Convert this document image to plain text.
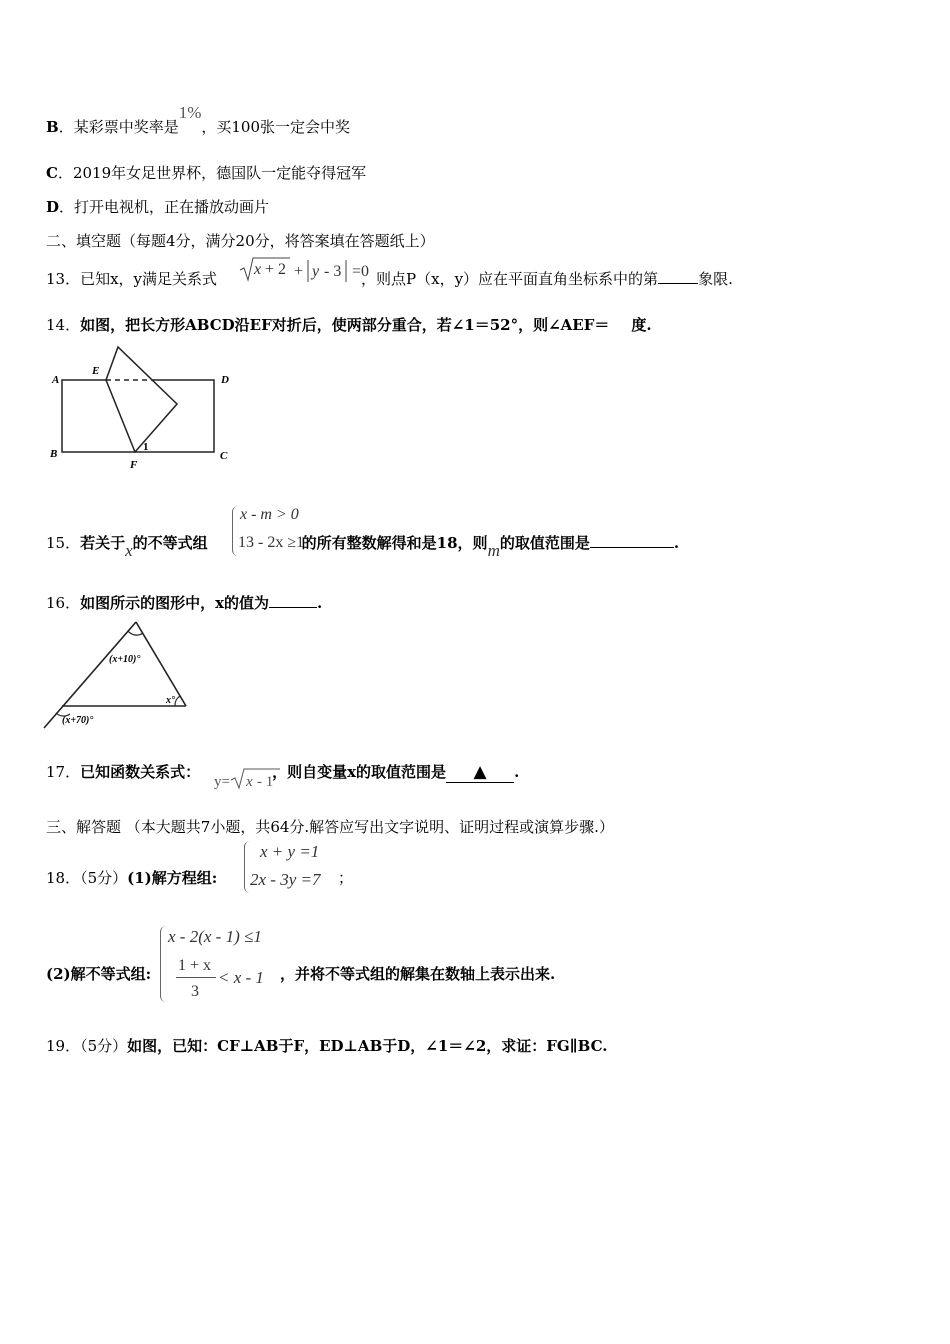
B．某彩票中奖率是1%，买100张一定会中奖
C．2019年女足世界杯，德国队一定能夺得冠军
D．打开电视机，正在播放动画片
二、填空题（每题4分，满分20分，将答案填在答题纸上）
13．已知x，y满足关系式	，则点P（x，y）应在平面直角坐标系中的第	象限.
x + 2 + y - 3 =0
14．如图，把长方形ABCD沿EF对折后，使两部分重合，若∠1＝52°，则∠AEF＝ 度.
A
E
D
B
F
C
1
x - m > 0
13 - 2x ≥1
15．若关于x的不等式组	的所有整数解得和是18，则m的取值范围是	.
16．如图所示的图形中，x的值为	.
(x+10)°
x°
(x+70)°
17．已知函数关系式：	，则自变量x的取值范围是 ▲ .
y= x - 1
三、解答题 （本大题共7小题，共64分.解答应写出文字说明、证明过程或演算步骤.）
x + y =1
2x - 3y =7
18．（5分）(1)解方程组:	；
x - 2(x - 1) ≤1
1 + x
3
< x - 1
(2)解不等式组:	，并将不等式组的解集在数轴上表示出来.
19．（5分）如图，已知：CF⊥AB于F，ED⊥AB于D，∠1＝∠2，求证：FG∥BC.
